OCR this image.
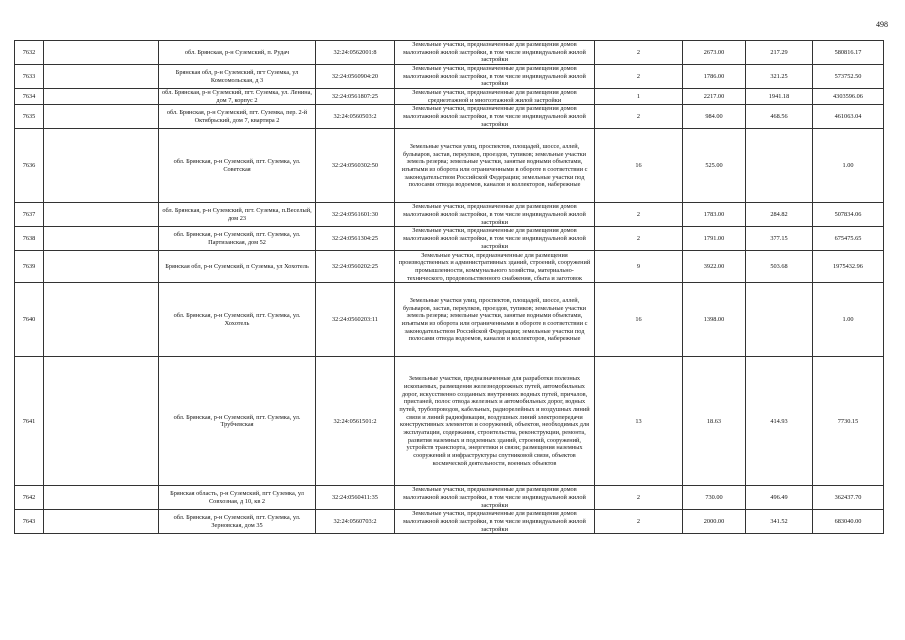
498
7632		обл. Брянская, р-н Суземский, п. Рудач	32:24:0562001:8	Земельные участки, предназначенные для размещения домов малоэтажной жилой застройки, в том числе индивидуальной жилой застройки	2	2673.00	217.29	580816.17
7633		Брянская обл, р-н Суземский, пгт Суземка, ул Комсомольская, д 3	32:24:0560904:20	Земельные участки, предназначенные для размещения домов малоэтажной жилой застройки, в том числе индивидуальной жилой застройки	2	1786.00	321.25	573752.50
7634		обл. Брянская, р-н Суземский, пгт. Суземка, ул. Ленина, дом 7, корпус 2	32:24:0561807:25	Земельные участки, предназначенные для размещения домов среднеэтажной и многоэтажной жилой застройки	1	2217.00	1941.18	4303596.06
7635		обл. Брянская, р-н Суземский, пгт. Суземка, пер. 2-й Октябрьский, дом 7, квартира 2	32:24:0560503:2	Земельные участки, предназначенные для размещения домов малоэтажной жилой застройки, в том числе индивидуальной жилой застройки	2	984.00	468.56	461063.04
7636		обл. Брянская, р-н Суземский, пгт. Суземка, ул. Советская	32:24:0560302:50	Земельные участки улиц, проспектов, площадей, шоссе, аллей, бульваров, застав, переулков, проездов, тупиков; земельные участки земель резерва; земельные участки, занятые водными объектами, изъятыми из оборота или ограниченными в обороте в соответствии с законодательством Российской Федерации; земельные участки под полосами отвода водоемов, каналов и коллекторов, набережные	16	525.00		1.00
7637		обл. Брянская, р-н Суземский, пгт. Суземка, п.Веселый, дом 23	32:24:0561601:30	Земельные участки, предназначенные для размещения домов малоэтажной жилой застройки, в том числе индивидуальной жилой застройки	2	1783.00	284.82	507834.06
7638		обл. Брянская, р-н Суземский, пгт. Суземка, ул. Партизанская, дом 52	32:24:0561304:25	Земельные участки, предназначенные для размещения домов малоэтажной жилой застройки, в том числе индивидуальной жилой застройки	2	1791.00	377.15	675475.65
7639		Брянская обл, р-н Суземский, п Суземка, ул Хохотель	32:24:0560202:25	Земельные участки, предназначенные для размещения производственных и административных зданий, строений, сооружений промышленности, коммунального хозяйства, материально-технического, продовольственного снабжения, сбыта и заготовок	9	3922.00	503.68	1975432.96
7640		обл. Брянская, р-н Суземский, пгт. Суземка, ул. Хохотель	32:24:0560203:11	Земельные участки улиц, проспектов, площадей, шоссе, аллей, бульваров, застав, переулков, проездов, тупиков; земельные участки земель резерва; земельные участки, занятые водными объектами, изъятыми из оборота или ограниченными в обороте в соответствии с законодательством Российской Федерации; земельные участки под полосами отвода водоемов, каналов и коллекторов, набережные	16	1398.00		1.00
7641		обл. Брянская, р-н Суземский, пгт. Суземка, ул. Трубчевская	32:24:0561501:2	Земельные участки, предназначенные для разработки полезных ископаемых, размещения железнодорожных путей, автомобильных дорог, искусственно созданных внутренних водных путей, причалов, пристаней, полос отвода железных и автомобильных дорог, водных путей, трубопроводов, кабельных, радиорелейных и воздушных линий связи и линий радиофикации, воздушных линий электропередачи конструктивных элементов и сооружений, объектов, необходимых для эксплуатации, содержания, строительства, реконструкции, ремонта, развития наземных и подземных зданий, строений, сооружений, устройств транспорта, энергетики и связи; размещения наземных сооружений и инфраструктуры спутниковой связи, объектов космической деятельности, военных объектов	13	18.63	414.93	7730.15
7642		Брянская область, р-н Суземский, пгт Суземка, ул Совхозная, д 10, кв 2	32:24:0560411:35	Земельные участки, предназначенные для размещения домов малоэтажной жилой застройки, в том числе индивидуальной жилой застройки	2	730.00	496.49	362437.70
7643		обл. Брянская, р-н Суземский, пгт. Суземка, ул. Зерновская, дом 35	32:24:0560703:2	Земельные участки, предназначенные для размещения домов малоэтажной жилой застройки, в том числе индивидуальной жилой застройки	2	2000.00	341.52	683040.00
